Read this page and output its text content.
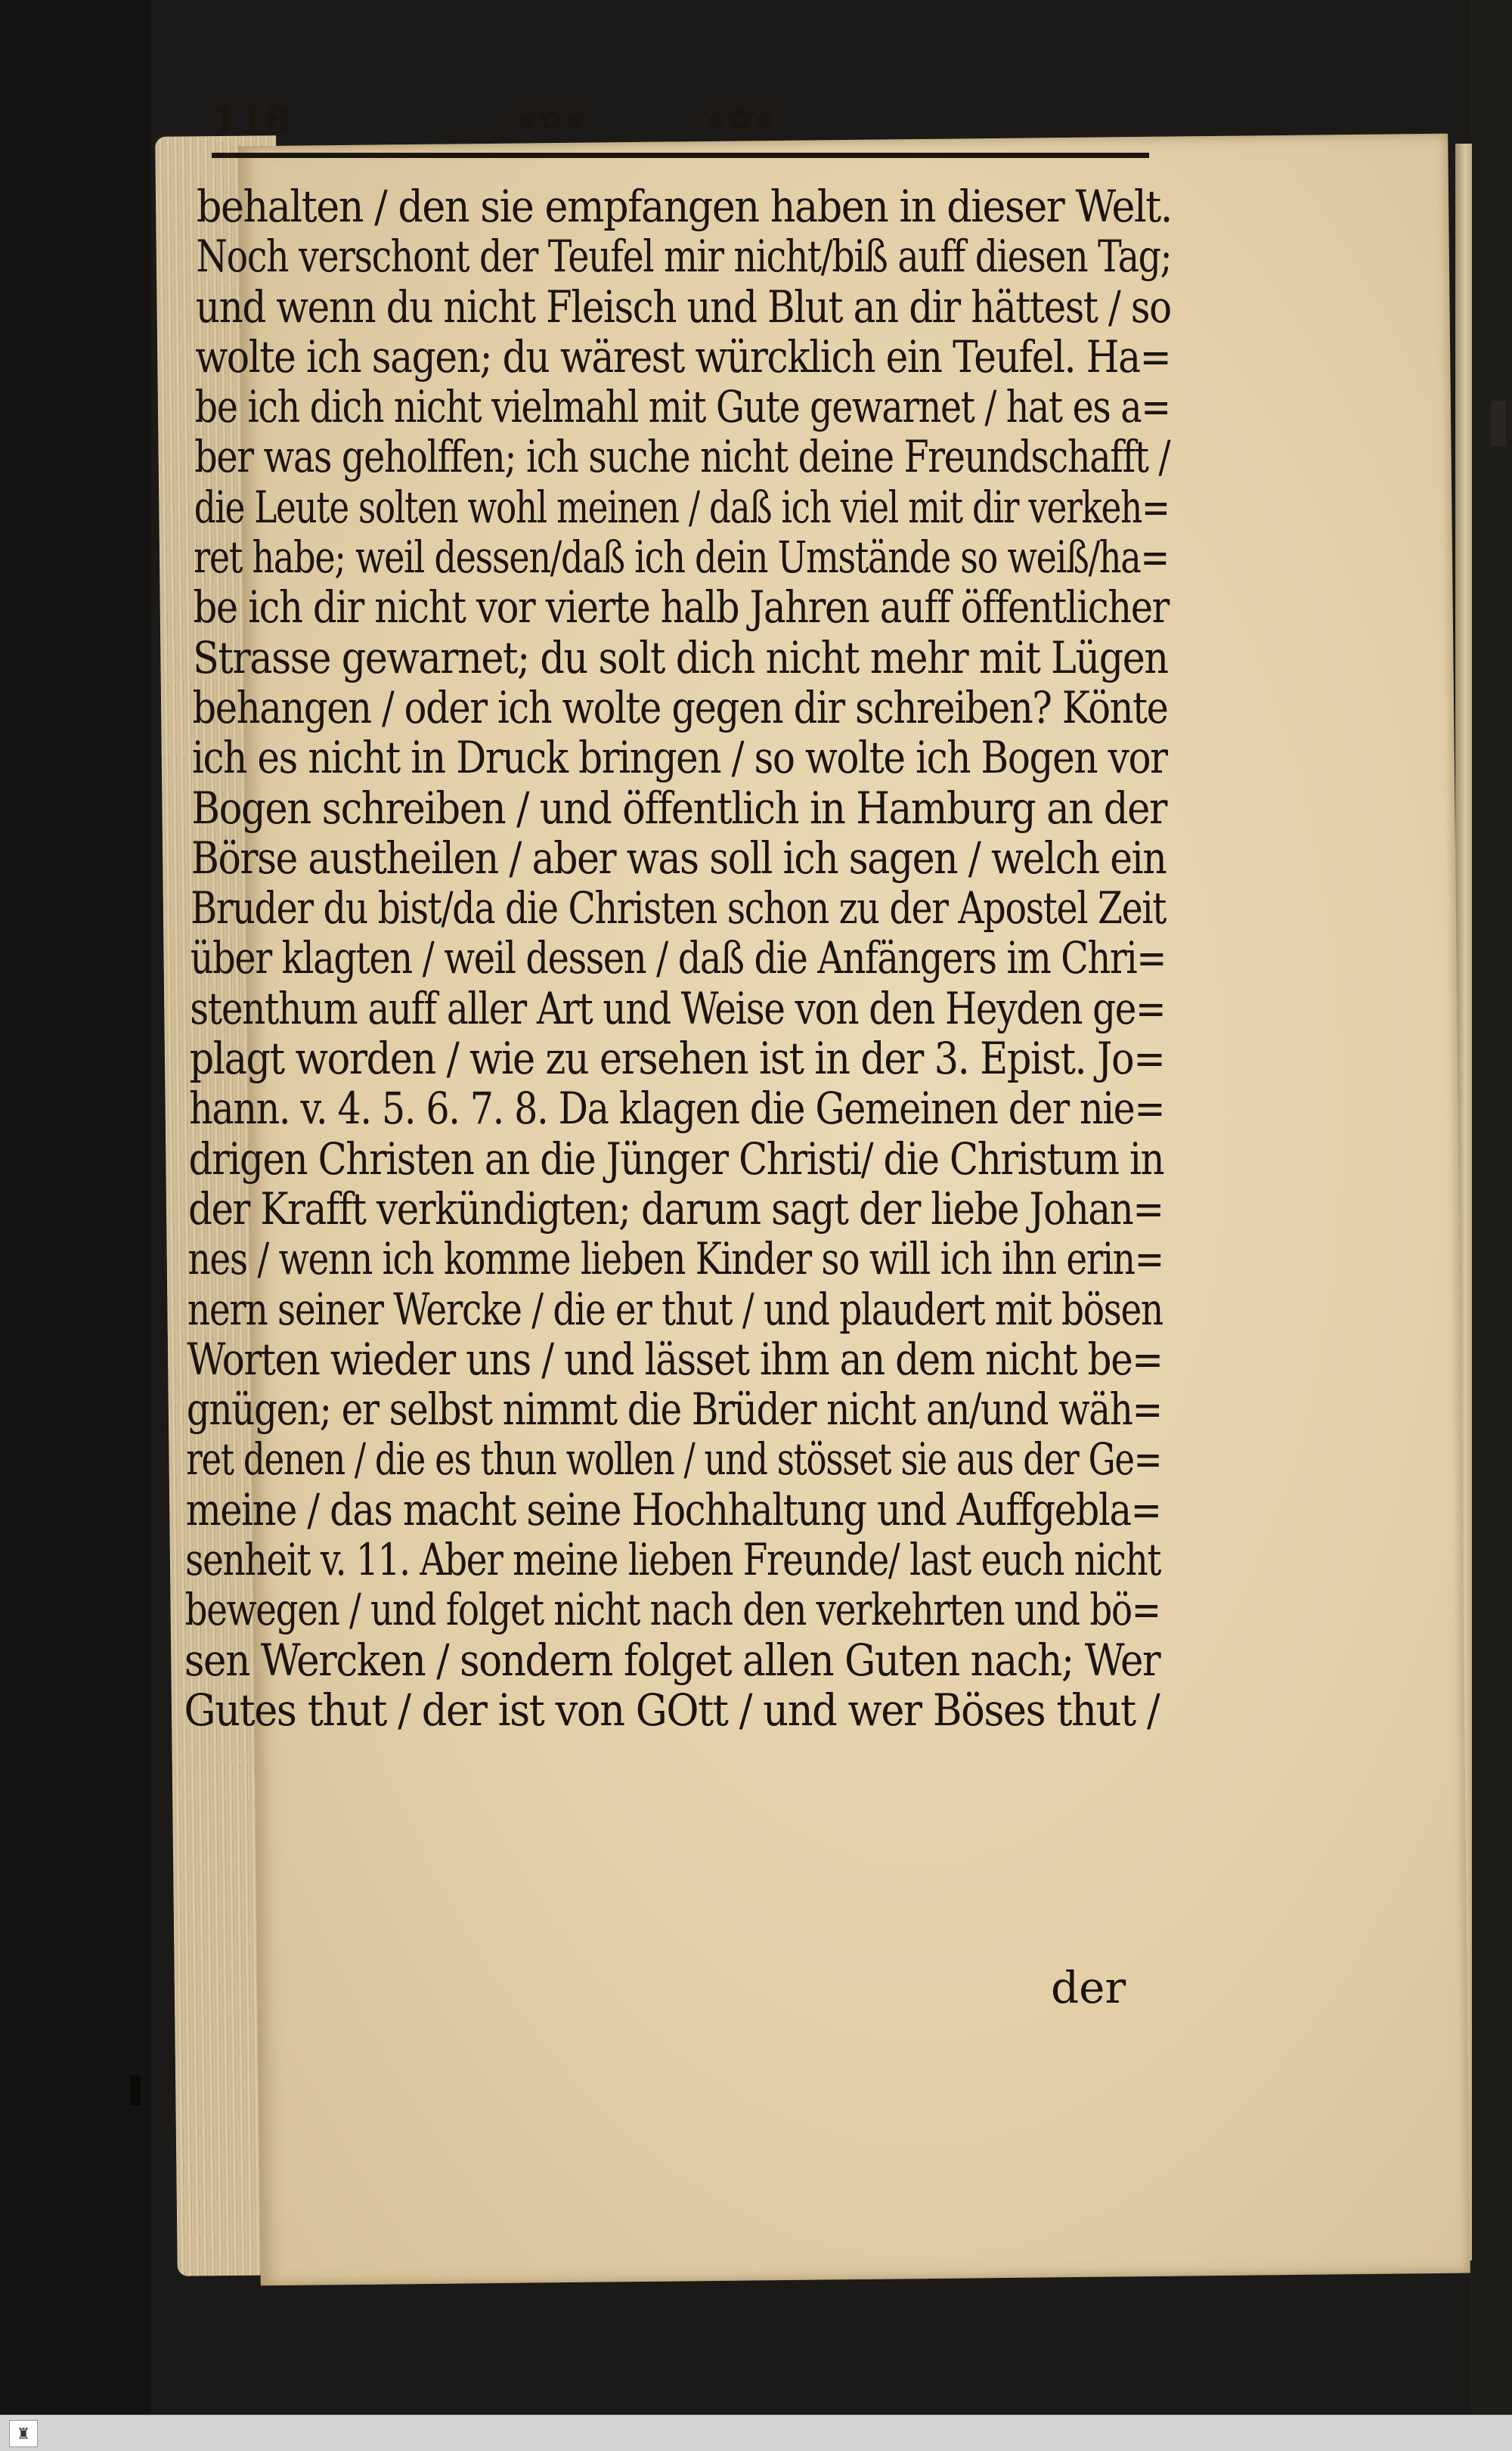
118	·❦✿❦·	·❦✿❦·
behalten / den sie empfangen haben in dieser Welt.
Noch verschont der Teufel mir nicht/biß auff diesen Tag;
und wenn du nicht Fleisch und Blut an dir hättest / so
wolte ich sagen; du wärest würcklich ein Teufel. Ha=
be ich dich nicht vielmahl mit Gute gewarnet / hat es a=
ber was geholffen; ich suche nicht deine Freundschafft /
die Leute solten wohl meinen / daß ich viel mit dir verkeh=
ret habe; weil dessen/daß ich dein Umstände so weiß/ha=
be ich dir nicht vor vierte halb Jahren auff öffentlicher
Strasse gewarnet; du solt dich nicht mehr mit Lügen
behangen / oder ich wolte gegen dir schreiben? Könte
ich es nicht in Druck bringen / so wolte ich Bogen vor
Bogen schreiben / und öffentlich in Hamburg an der
Börse austheilen / aber was soll ich sagen / welch ein
Bruder du bist/da die Christen schon zu der Apostel Zeit
über klagten / weil dessen / daß die Anfängers im Chri=
stenthum auff aller Art und Weise von den Heyden ge=
plagt worden / wie zu ersehen ist in der 3. Epist. Jo=
hann. v. 4. 5. 6. 7. 8. Da klagen die Gemeinen der nie=
drigen Christen an die Jünger Christi/ die Christum in
der Krafft verkündigten; darum sagt der liebe Johan=
nes / wenn ich komme lieben Kinder so will ich ihn erin=
nern seiner Wercke / die er thut / und plaudert mit bösen
Worten wieder uns / und lässet ihm an dem nicht be=
gnügen; er selbst nimmt die Brüder nicht an/und wäh=
ret denen / die es thun wollen / und stösset sie aus der Ge=
meine / das macht seine Hochhaltung und Auffgebla=
senheit v. 11. Aber meine lieben Freunde/ last euch nicht
bewegen / und folget nicht nach den verkehrten und bö=
sen Wercken / sondern folget allen Guten nach; Wer
Gutes thut / der ist von GOtt / und wer Böses thut /
der
♜
